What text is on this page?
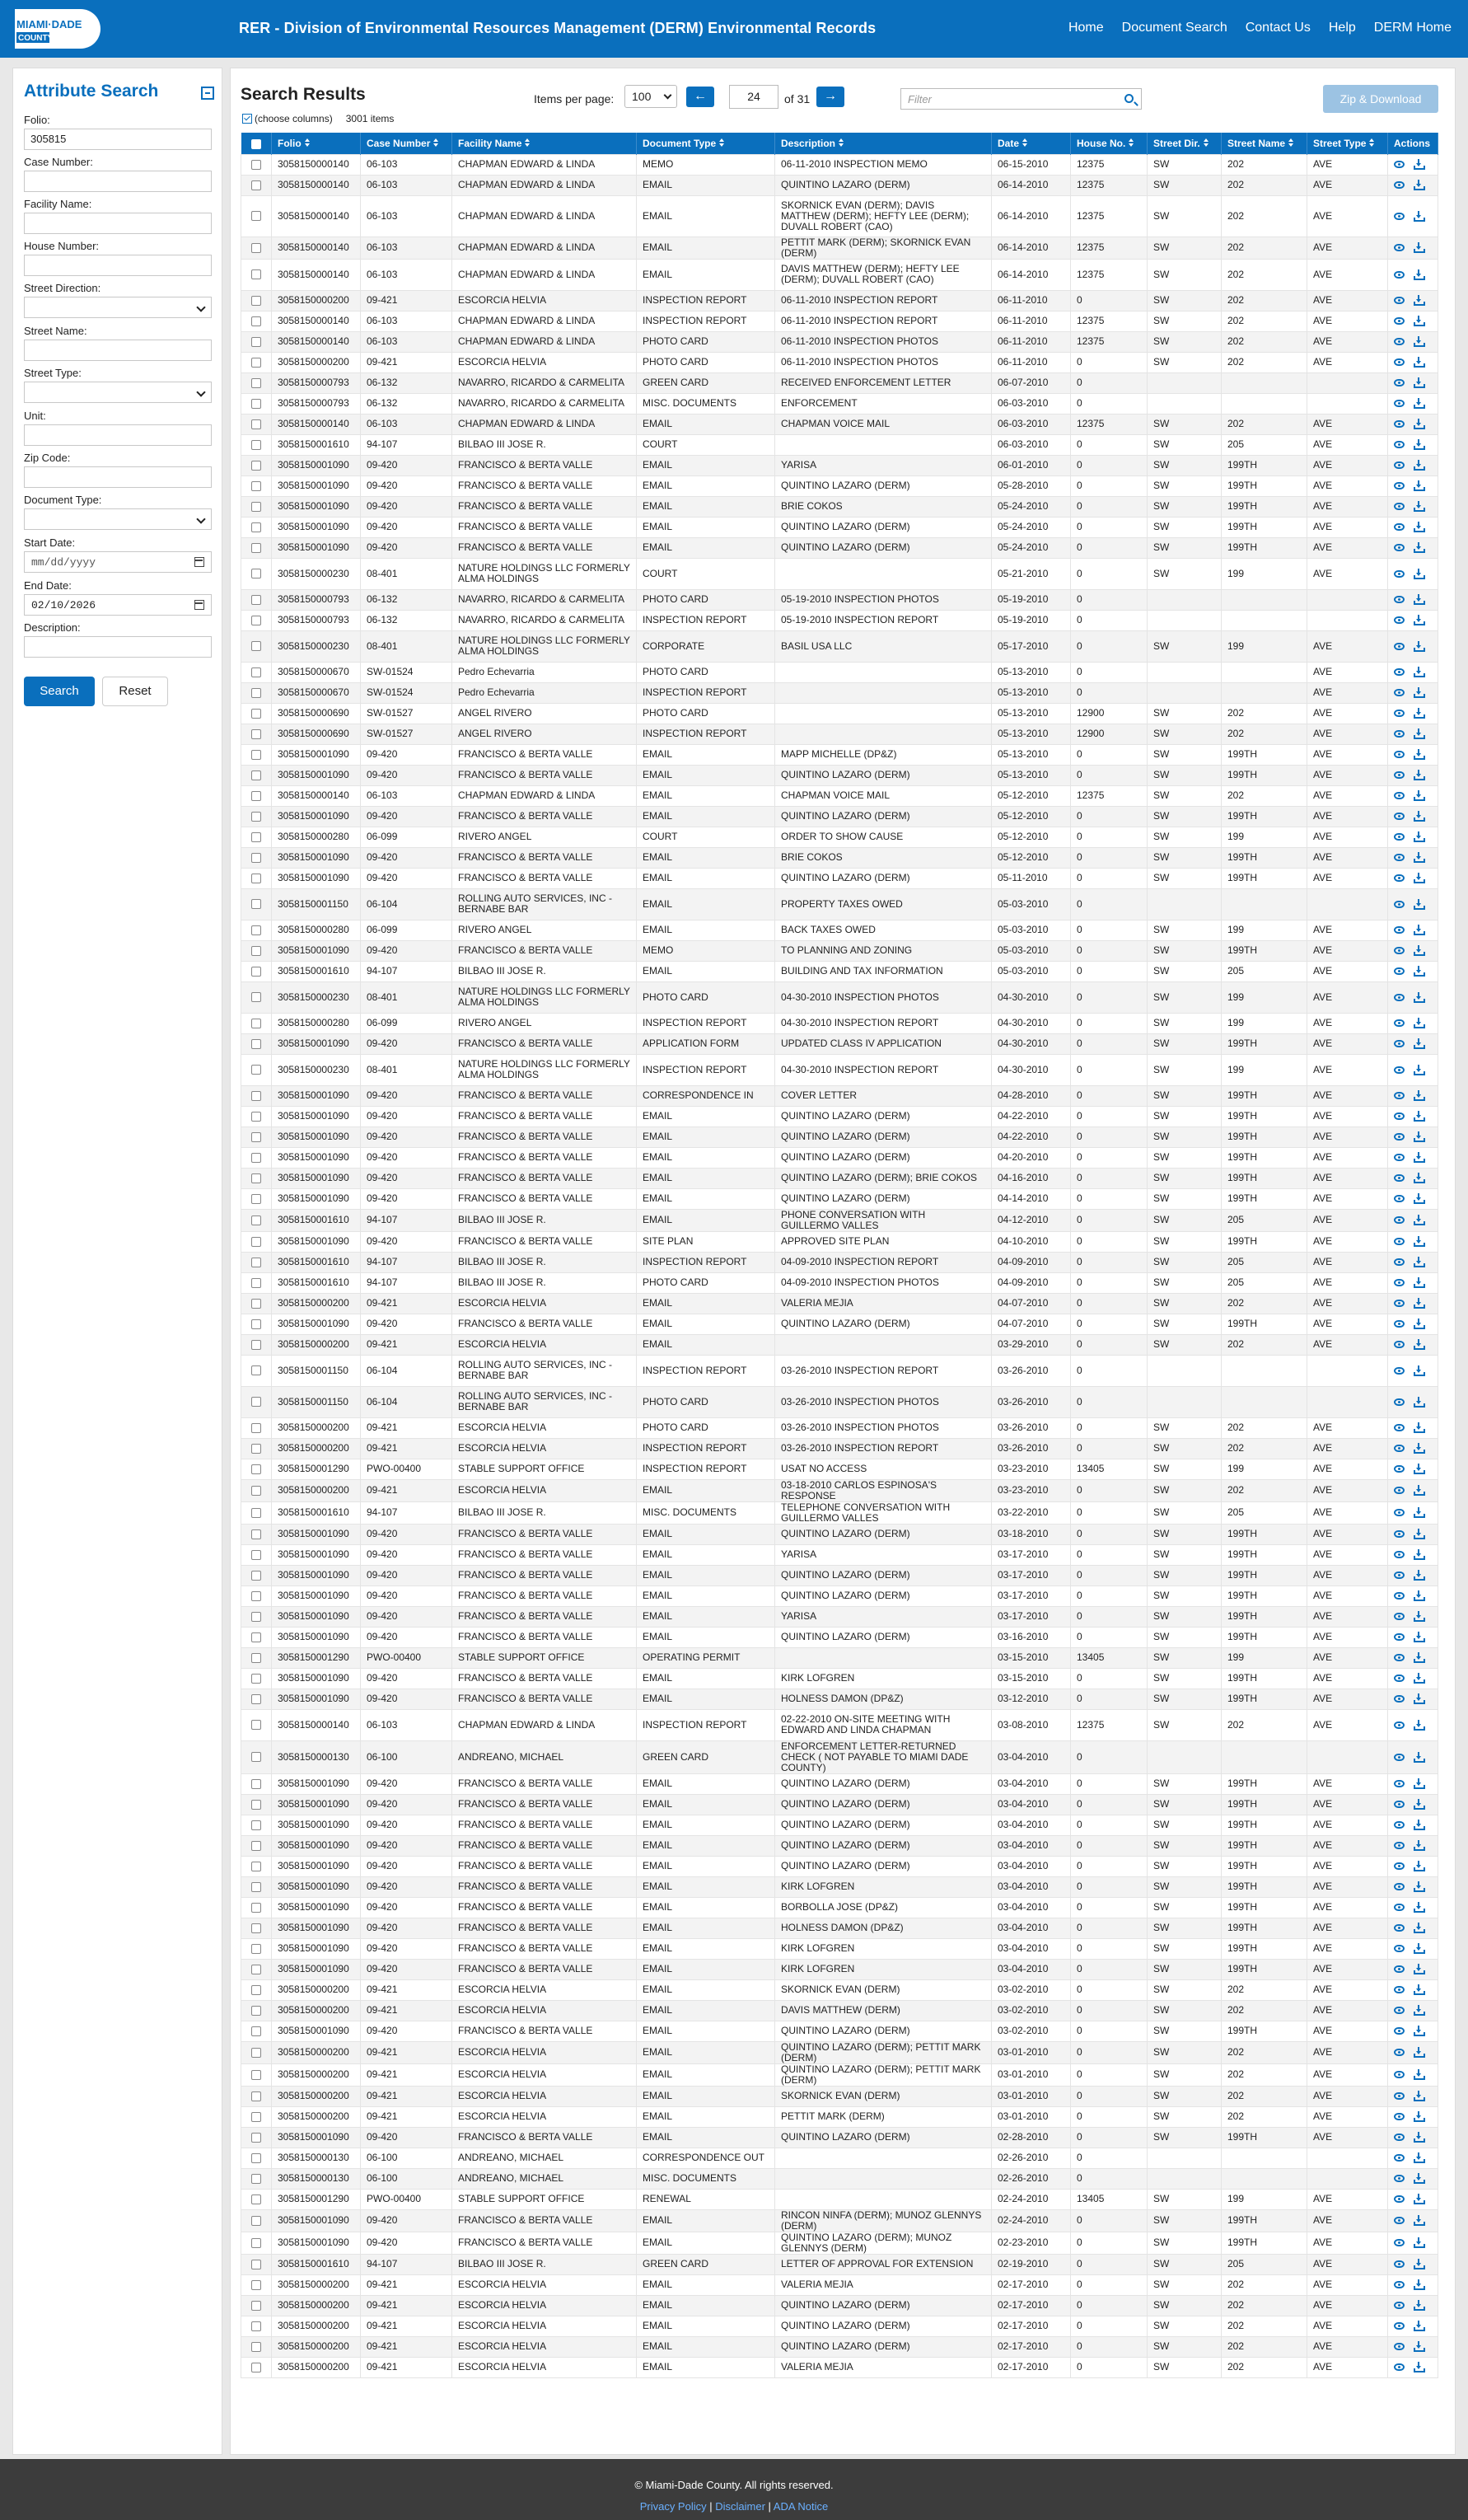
MIAMI·DADE
COUNTY
RER - Division of Environmental Resources Management (DERM) Environmental Records	Home Document Search Contact Us Help DERM Home
Attribute Search
Folio:
305815
Case Number:
Facility Name:
House Number:
Street Direction:
Street Name:
Street Type:
Unit:
Zip Code:
Document Type:
Start Date:
mm/dd/yyyy
End Date:
02/10/2026
Description:
Search	Reset
Search Results
(choose columns) 3001 items
Items per page:	100	←	24	of 31	→	Filter	Zip & Download
	Folio	Case Number	Facility Name	Document Type	Description	Date	House No.	Street Dir.	Street Name	Street Type	Actions
	3058150000140	06-103	CHAPMAN EDWARD & LINDA	MEMO	06-11-2010 INSPECTION MEMO	06-15-2010	12375	SW	202	AVE	

	3058150000140	06-103	CHAPMAN EDWARD & LINDA	EMAIL	QUINTINO LAZARO (DERM)	06-14-2010	12375	SW	202	AVE	

	3058150000140	06-103	CHAPMAN EDWARD & LINDA	EMAIL	SKORNICK EVAN (DERM); DAVIS MATTHEW (DERM); HEFTY LEE (DERM); DUVALL ROBERT (CAO)	06-14-2010	12375	SW	202	AVE	

	3058150000140	06-103	CHAPMAN EDWARD & LINDA	EMAIL	PETTIT MARK (DERM); SKORNICK EVAN (DERM)	06-14-2010	12375	SW	202	AVE	

	3058150000140	06-103	CHAPMAN EDWARD & LINDA	EMAIL	DAVIS MATTHEW (DERM); HEFTY LEE (DERM); DUVALL ROBERT (CAO)	06-14-2010	12375	SW	202	AVE	

	3058150000200	09-421	ESCORCIA HELVIA	INSPECTION REPORT	06-11-2010 INSPECTION REPORT	06-11-2010	0	SW	202	AVE	

	3058150000140	06-103	CHAPMAN EDWARD & LINDA	INSPECTION REPORT	06-11-2010 INSPECTION REPORT	06-11-2010	12375	SW	202	AVE	

	3058150000140	06-103	CHAPMAN EDWARD & LINDA	PHOTO CARD	06-11-2010 INSPECTION PHOTOS	06-11-2010	12375	SW	202	AVE	

	3058150000200	09-421	ESCORCIA HELVIA	PHOTO CARD	06-11-2010 INSPECTION PHOTOS	06-11-2010	0	SW	202	AVE	

	3058150000793	06-132	NAVARRO, RICARDO & CARMELITA	GREEN CARD	RECEIVED ENFORCEMENT LETTER	06-07-2010	0				

	3058150000793	06-132	NAVARRO, RICARDO & CARMELITA	MISC. DOCUMENTS	ENFORCEMENT	06-03-2010	0				

	3058150000140	06-103	CHAPMAN EDWARD & LINDA	EMAIL	CHAPMAN VOICE MAIL	06-03-2010	12375	SW	202	AVE	

	3058150001610	94-107	BILBAO III JOSE R.	COURT		06-03-2010	0	SW	205	AVE	

	3058150001090	09-420	FRANCISCO & BERTA VALLE	EMAIL	YARISA	06-01-2010	0	SW	199TH	AVE	

	3058150001090	09-420	FRANCISCO & BERTA VALLE	EMAIL	QUINTINO LAZARO (DERM)	05-28-2010	0	SW	199TH	AVE	

	3058150001090	09-420	FRANCISCO & BERTA VALLE	EMAIL	BRIE COKOS	05-24-2010	0	SW	199TH	AVE	

	3058150001090	09-420	FRANCISCO & BERTA VALLE	EMAIL	QUINTINO LAZARO (DERM)	05-24-2010	0	SW	199TH	AVE	

	3058150001090	09-420	FRANCISCO & BERTA VALLE	EMAIL	QUINTINO LAZARO (DERM)	05-24-2010	0	SW	199TH	AVE	

	3058150000230	08-401	NATURE HOLDINGS LLC FORMERLY ALMA HOLDINGS	COURT		05-21-2010	0	SW	199	AVE	

	3058150000793	06-132	NAVARRO, RICARDO & CARMELITA	PHOTO CARD	05-19-2010 INSPECTION PHOTOS	05-19-2010	0				

	3058150000793	06-132	NAVARRO, RICARDO & CARMELITA	INSPECTION REPORT	05-19-2010 INSPECTION REPORT	05-19-2010	0				

	3058150000230	08-401	NATURE HOLDINGS LLC FORMERLY ALMA HOLDINGS	CORPORATE	BASIL USA LLC	05-17-2010	0	SW	199	AVE	

	3058150000670	SW-01524	Pedro Echevarria	PHOTO CARD		05-13-2010	0			AVE	

	3058150000670	SW-01524	Pedro Echevarria	INSPECTION REPORT		05-13-2010	0			AVE	

	3058150000690	SW-01527	ANGEL RIVERO	PHOTO CARD		05-13-2010	12900	SW	202	AVE	

	3058150000690	SW-01527	ANGEL RIVERO	INSPECTION REPORT		05-13-2010	12900	SW	202	AVE	

	3058150001090	09-420	FRANCISCO & BERTA VALLE	EMAIL	MAPP MICHELLE (DP&Z)	05-13-2010	0	SW	199TH	AVE	

	3058150001090	09-420	FRANCISCO & BERTA VALLE	EMAIL	QUINTINO LAZARO (DERM)	05-13-2010	0	SW	199TH	AVE	

	3058150000140	06-103	CHAPMAN EDWARD & LINDA	EMAIL	CHAPMAN VOICE MAIL	05-12-2010	12375	SW	202	AVE	

	3058150001090	09-420	FRANCISCO & BERTA VALLE	EMAIL	QUINTINO LAZARO (DERM)	05-12-2010	0	SW	199TH	AVE	

	3058150000280	06-099	RIVERO ANGEL	COURT	ORDER TO SHOW CAUSE	05-12-2010	0	SW	199	AVE	

	3058150001090	09-420	FRANCISCO & BERTA VALLE	EMAIL	BRIE COKOS	05-12-2010	0	SW	199TH	AVE	

	3058150001090	09-420	FRANCISCO & BERTA VALLE	EMAIL	QUINTINO LAZARO (DERM)	05-11-2010	0	SW	199TH	AVE	

	3058150001150	06-104	ROLLING AUTO SERVICES, INC - BERNABE BAR	EMAIL	PROPERTY TAXES OWED	05-03-2010	0				

	3058150000280	06-099	RIVERO ANGEL	EMAIL	BACK TAXES OWED	05-03-2010	0	SW	199	AVE	

	3058150001090	09-420	FRANCISCO & BERTA VALLE	MEMO	TO PLANNING AND ZONING	05-03-2010	0	SW	199TH	AVE	

	3058150001610	94-107	BILBAO III JOSE R.	EMAIL	BUILDING AND TAX INFORMATION	05-03-2010	0	SW	205	AVE	

	3058150000230	08-401	NATURE HOLDINGS LLC FORMERLY ALMA HOLDINGS	PHOTO CARD	04-30-2010 INSPECTION PHOTOS	04-30-2010	0	SW	199	AVE	

	3058150000280	06-099	RIVERO ANGEL	INSPECTION REPORT	04-30-2010 INSPECTION REPORT	04-30-2010	0	SW	199	AVE	

	3058150001090	09-420	FRANCISCO & BERTA VALLE	APPLICATION FORM	UPDATED CLASS IV APPLICATION	04-30-2010	0	SW	199TH	AVE	

	3058150000230	08-401	NATURE HOLDINGS LLC FORMERLY ALMA HOLDINGS	INSPECTION REPORT	04-30-2010 INSPECTION REPORT	04-30-2010	0	SW	199	AVE	

	3058150001090	09-420	FRANCISCO & BERTA VALLE	CORRESPONDENCE IN	COVER LETTER	04-28-2010	0	SW	199TH	AVE	

	3058150001090	09-420	FRANCISCO & BERTA VALLE	EMAIL	QUINTINO LAZARO (DERM)	04-22-2010	0	SW	199TH	AVE	

	3058150001090	09-420	FRANCISCO & BERTA VALLE	EMAIL	QUINTINO LAZARO (DERM)	04-22-2010	0	SW	199TH	AVE	

	3058150001090	09-420	FRANCISCO & BERTA VALLE	EMAIL	QUINTINO LAZARO (DERM)	04-20-2010	0	SW	199TH	AVE	

	3058150001090	09-420	FRANCISCO & BERTA VALLE	EMAIL	QUINTINO LAZARO (DERM); BRIE COKOS	04-16-2010	0	SW	199TH	AVE	

	3058150001090	09-420	FRANCISCO & BERTA VALLE	EMAIL	QUINTINO LAZARO (DERM)	04-14-2010	0	SW	199TH	AVE	

	3058150001610	94-107	BILBAO III JOSE R.	EMAIL	PHONE CONVERSATION WITH GUILLERMO VALLES	04-12-2010	0	SW	205	AVE	

	3058150001090	09-420	FRANCISCO & BERTA VALLE	SITE PLAN	APPROVED SITE PLAN	04-10-2010	0	SW	199TH	AVE	

	3058150001610	94-107	BILBAO III JOSE R.	INSPECTION REPORT	04-09-2010 INSPECTION REPORT	04-09-2010	0	SW	205	AVE	

	3058150001610	94-107	BILBAO III JOSE R.	PHOTO CARD	04-09-2010 INSPECTION PHOTOS	04-09-2010	0	SW	205	AVE	

	3058150000200	09-421	ESCORCIA HELVIA	EMAIL	VALERIA MEJIA	04-07-2010	0	SW	202	AVE	

	3058150001090	09-420	FRANCISCO & BERTA VALLE	EMAIL	QUINTINO LAZARO (DERM)	04-07-2010	0	SW	199TH	AVE	

	3058150000200	09-421	ESCORCIA HELVIA	EMAIL		03-29-2010	0	SW	202	AVE	

	3058150001150	06-104	ROLLING AUTO SERVICES, INC - BERNABE BAR	INSPECTION REPORT	03-26-2010 INSPECTION REPORT	03-26-2010	0				

	3058150001150	06-104	ROLLING AUTO SERVICES, INC - BERNABE BAR	PHOTO CARD	03-26-2010 INSPECTION PHOTOS	03-26-2010	0				

	3058150000200	09-421	ESCORCIA HELVIA	PHOTO CARD	03-26-2010 INSPECTION PHOTOS	03-26-2010	0	SW	202	AVE	

	3058150000200	09-421	ESCORCIA HELVIA	INSPECTION REPORT	03-26-2010 INSPECTION REPORT	03-26-2010	0	SW	202	AVE	

	3058150001290	PWO-00400	STABLE SUPPORT OFFICE	INSPECTION REPORT	USAT NO ACCESS	03-23-2010	13405	SW	199	AVE	

	3058150000200	09-421	ESCORCIA HELVIA	EMAIL	03-18-2010 CARLOS ESPINOSA'S RESPONSE	03-23-2010	0	SW	202	AVE	

	3058150001610	94-107	BILBAO III JOSE R.	MISC. DOCUMENTS	TELEPHONE CONVERSATION WITH GUILLERMO VALLES	03-22-2010	0	SW	205	AVE	

	3058150001090	09-420	FRANCISCO & BERTA VALLE	EMAIL	QUINTINO LAZARO (DERM)	03-18-2010	0	SW	199TH	AVE	

	3058150001090	09-420	FRANCISCO & BERTA VALLE	EMAIL	YARISA	03-17-2010	0	SW	199TH	AVE	

	3058150001090	09-420	FRANCISCO & BERTA VALLE	EMAIL	QUINTINO LAZARO (DERM)	03-17-2010	0	SW	199TH	AVE	

	3058150001090	09-420	FRANCISCO & BERTA VALLE	EMAIL	QUINTINO LAZARO (DERM)	03-17-2010	0	SW	199TH	AVE	

	3058150001090	09-420	FRANCISCO & BERTA VALLE	EMAIL	YARISA	03-17-2010	0	SW	199TH	AVE	

	3058150001090	09-420	FRANCISCO & BERTA VALLE	EMAIL	QUINTINO LAZARO (DERM)	03-16-2010	0	SW	199TH	AVE	

	3058150001290	PWO-00400	STABLE SUPPORT OFFICE	OPERATING PERMIT		03-15-2010	13405	SW	199	AVE	

	3058150001090	09-420	FRANCISCO & BERTA VALLE	EMAIL	KIRK LOFGREN	03-15-2010	0	SW	199TH	AVE	

	3058150001090	09-420	FRANCISCO & BERTA VALLE	EMAIL	HOLNESS DAMON (DP&Z)	03-12-2010	0	SW	199TH	AVE	

	3058150000140	06-103	CHAPMAN EDWARD & LINDA	INSPECTION REPORT	02-22-2010 ON-SITE MEETING WITH EDWARD AND LINDA CHAPMAN	03-08-2010	12375	SW	202	AVE	

	3058150000130	06-100	ANDREANO, MICHAEL	GREEN CARD	ENFORCEMENT LETTER-RETURNED CHECK ( NOT PAYABLE TO MIAMI DADE COUNTY)	03-04-2010	0				

	3058150001090	09-420	FRANCISCO & BERTA VALLE	EMAIL	QUINTINO LAZARO (DERM)	03-04-2010	0	SW	199TH	AVE	

	3058150001090	09-420	FRANCISCO & BERTA VALLE	EMAIL	QUINTINO LAZARO (DERM)	03-04-2010	0	SW	199TH	AVE	

	3058150001090	09-420	FRANCISCO & BERTA VALLE	EMAIL	QUINTINO LAZARO (DERM)	03-04-2010	0	SW	199TH	AVE	

	3058150001090	09-420	FRANCISCO & BERTA VALLE	EMAIL	QUINTINO LAZARO (DERM)	03-04-2010	0	SW	199TH	AVE	

	3058150001090	09-420	FRANCISCO & BERTA VALLE	EMAIL	QUINTINO LAZARO (DERM)	03-04-2010	0	SW	199TH	AVE	

	3058150001090	09-420	FRANCISCO & BERTA VALLE	EMAIL	KIRK LOFGREN	03-04-2010	0	SW	199TH	AVE	

	3058150001090	09-420	FRANCISCO & BERTA VALLE	EMAIL	BORBOLLA JOSE (DP&Z)	03-04-2010	0	SW	199TH	AVE	

	3058150001090	09-420	FRANCISCO & BERTA VALLE	EMAIL	HOLNESS DAMON (DP&Z)	03-04-2010	0	SW	199TH	AVE	

	3058150001090	09-420	FRANCISCO & BERTA VALLE	EMAIL	KIRK LOFGREN	03-04-2010	0	SW	199TH	AVE	

	3058150001090	09-420	FRANCISCO & BERTA VALLE	EMAIL	KIRK LOFGREN	03-04-2010	0	SW	199TH	AVE	

	3058150000200	09-421	ESCORCIA HELVIA	EMAIL	SKORNICK EVAN (DERM)	03-02-2010	0	SW	202	AVE	

	3058150000200	09-421	ESCORCIA HELVIA	EMAIL	DAVIS MATTHEW (DERM)	03-02-2010	0	SW	202	AVE	

	3058150001090	09-420	FRANCISCO & BERTA VALLE	EMAIL	QUINTINO LAZARO (DERM)	03-02-2010	0	SW	199TH	AVE	

	3058150000200	09-421	ESCORCIA HELVIA	EMAIL	QUINTINO LAZARO (DERM); PETTIT MARK (DERM)	03-01-2010	0	SW	202	AVE	

	3058150000200	09-421	ESCORCIA HELVIA	EMAIL	QUINTINO LAZARO (DERM); PETTIT MARK (DERM)	03-01-2010	0	SW	202	AVE	

	3058150000200	09-421	ESCORCIA HELVIA	EMAIL	SKORNICK EVAN (DERM)	03-01-2010	0	SW	202	AVE	

	3058150000200	09-421	ESCORCIA HELVIA	EMAIL	PETTIT MARK (DERM)	03-01-2010	0	SW	202	AVE	

	3058150001090	09-420	FRANCISCO & BERTA VALLE	EMAIL	QUINTINO LAZARO (DERM)	02-28-2010	0	SW	199TH	AVE	

	3058150000130	06-100	ANDREANO, MICHAEL	CORRESPONDENCE OUT		02-26-2010	0				

	3058150000130	06-100	ANDREANO, MICHAEL	MISC. DOCUMENTS		02-26-2010	0				

	3058150001290	PWO-00400	STABLE SUPPORT OFFICE	RENEWAL		02-24-2010	13405	SW	199	AVE	

	3058150001090	09-420	FRANCISCO & BERTA VALLE	EMAIL	RINCON NINFA (DERM); MUNOZ GLENNYS (DERM)	02-24-2010	0	SW	199TH	AVE	

	3058150001090	09-420	FRANCISCO & BERTA VALLE	EMAIL	QUINTINO LAZARO (DERM); MUNOZ GLENNYS (DERM)	02-23-2010	0	SW	199TH	AVE	

	3058150001610	94-107	BILBAO III JOSE R.	GREEN CARD	LETTER OF APPROVAL FOR EXTENSION	02-19-2010	0	SW	205	AVE	

	3058150000200	09-421	ESCORCIA HELVIA	EMAIL	VALERIA MEJIA	02-17-2010	0	SW	202	AVE	

	3058150000200	09-421	ESCORCIA HELVIA	EMAIL	QUINTINO LAZARO (DERM)	02-17-2010	0	SW	202	AVE	

	3058150000200	09-421	ESCORCIA HELVIA	EMAIL	QUINTINO LAZARO (DERM)	02-17-2010	0	SW	202	AVE	

	3058150000200	09-421	ESCORCIA HELVIA	EMAIL	QUINTINO LAZARO (DERM)	02-17-2010	0	SW	202	AVE	

	3058150000200	09-421	ESCORCIA HELVIA	EMAIL	VALERIA MEJIA	02-17-2010	0	SW	202	AVE	
© Miami-Dade County. All rights reserved.
Privacy Policy | Disclaimer | ADA Notice
